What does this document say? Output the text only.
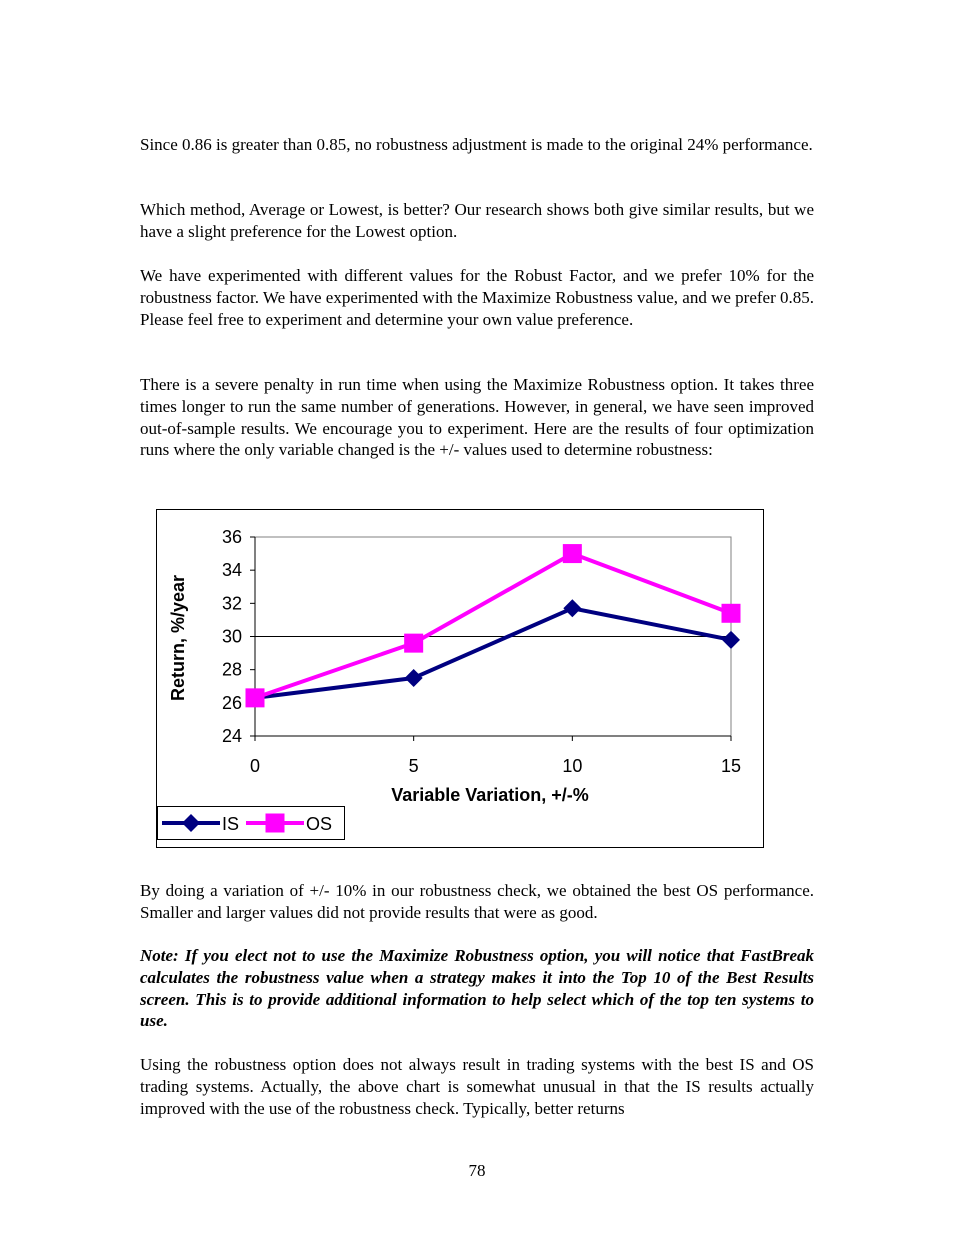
Since 0.86 is greater than 0.85, no robustness adjustment is made to the original 24% performance.

Which method, Average or Lowest, is better? Our research shows both give similar results, but we have a slight preference for the Lowest option.

We have experimented with different values for the Robust Factor, and we prefer 10% for the robustness factor. We have experimented with the Maximize Robustness value, and we prefer 0.85. Please feel free to experiment and determine your own value preference.

There is a severe penalty in run time when using the Maximize Robustness option. It takes three times longer to run the same number of generations. However, in general, we have seen improved out-of-sample results. We encourage you to experiment. Here are the results of four optimization runs where the only variable changed is the +/- values used to determine robustness:

24
26
28
30
32
34
36
0	5	10	15
Variable Variation, +/-%
Return, %/year
IS	OS

By doing a variation of +/- 10% in our robustness check, we obtained the best OS performance. Smaller and larger values did not provide results that were as good.

Note: If you elect not to use the Maximize Robustness option, you will notice that FastBreak calculates the robustness value when a strategy makes it into the Top 10 of the Best Results screen. This is to provide additional information to help select which of the top ten systems to use.

Using the robustness option does not always result in trading systems with the best IS and OS trading systems. Actually, the above chart is somewhat unusual in that the IS results actually improved with the use of the robustness check. Typically, better returns

78
